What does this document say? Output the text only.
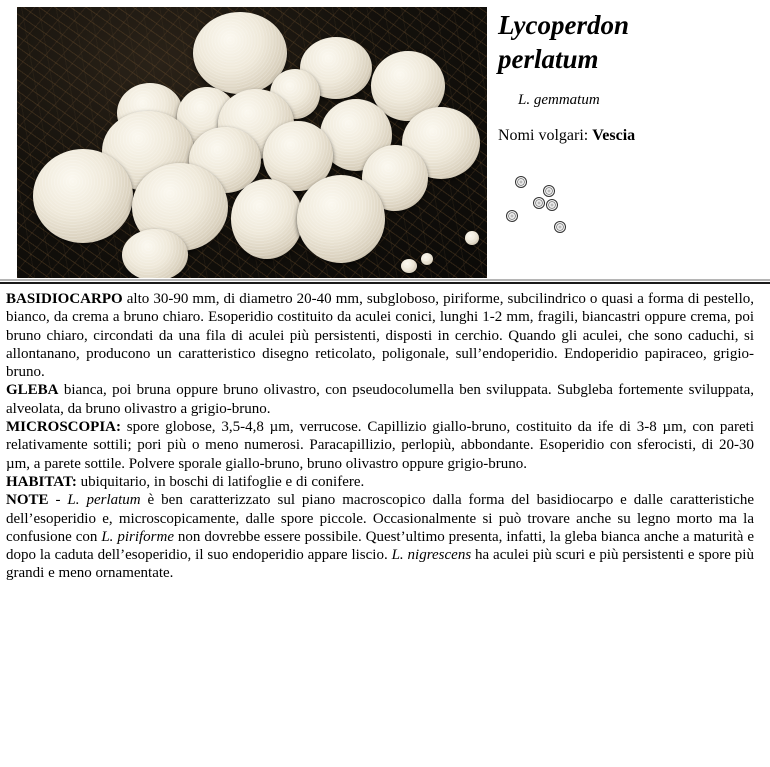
Lycoperdon
perlatum
L. gemmatum
Nomi volgari: Vescia

BASIDIOCARPO alto 30-90 mm, di diametro 20-40 mm, subgloboso, piriforme, subcilindrico o quasi a forma di pestello, bianco, da crema a bruno chiaro. Esoperidio costituito da aculei conici, lunghi 1-2 mm, fragili, biancastri oppure crema, poi bruno chiaro, circondati da una fila di aculei più persistenti, disposti in cerchio. Quando gli aculei, che sono caduchi, si allontanano, producono un caratteristico disegno reticolato, poligonale, sull’endoperidio. Endoperidio papiraceo, grigio-bruno.

GLEBA bianca, poi bruna oppure bruno olivastro, con pseudocolumella ben sviluppata. Subgleba fortemente sviluppata, alveolata, da bruno olivastro a grigio-bruno.

MICROSCOPIA: spore globose, 3,5-4,8 µm, verrucose. Capillizio giallo-bruno, costituito da ife di 3-8 µm, con pareti relativamente sottili; pori più o meno numerosi. Paracapillizio, perlopiù, abbondante. Esoperidio con sferocisti, di 20-30 µm, a parete sottile. Polvere sporale giallo-bruno, bruno olivastro oppure grigio-bruno.

HABITAT: ubiquitario, in boschi di latifoglie e di conifere.

NOTE - L. perlatum è ben caratterizzato sul piano macroscopico dalla forma del basidiocarpo e dalle caratteristiche dell’esoperidio e, microscopicamente, dalle spore piccole. Occasionalmente si può trovare anche su legno morto ma la confusione con L. piriforme non dovrebbe essere possibile. Quest’ultimo presenta, infatti, la gleba bianca anche a maturità e dopo la caduta dell’esoperidio, il suo endoperidio appare liscio. L. nigrescens ha aculei più scuri e più persistenti e spore più grandi e meno ornamentate.
